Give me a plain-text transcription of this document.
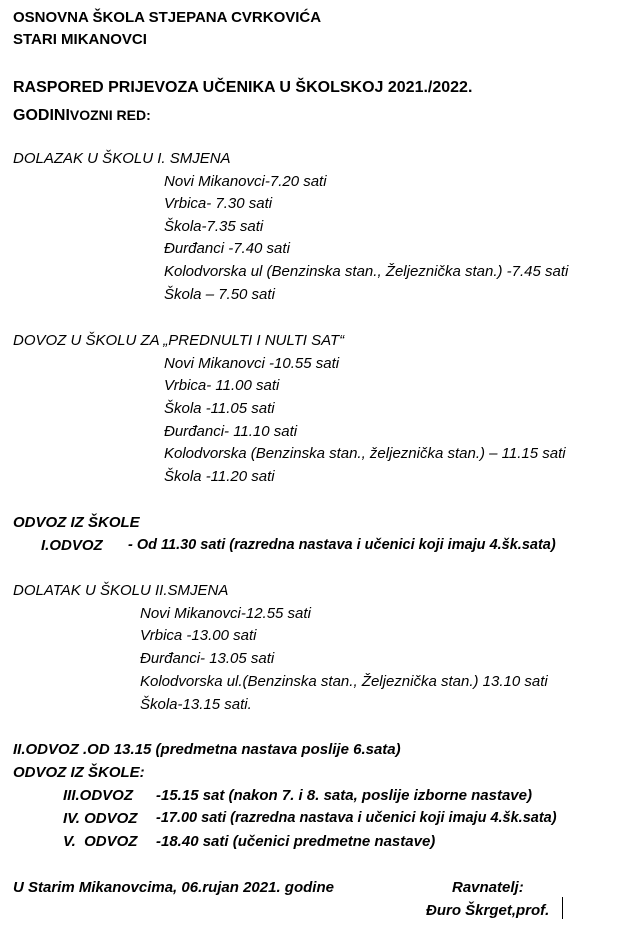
OSNOVNA ŠKOLA STJEPANA CVRKOVIĆA
STARI MIKANOVCI
RASPORED PRIJEVOZA UČENIKA U ŠKOLSKOJ 2021./2022.
GODINIVOZNI RED:
DOLAZAK U ŠKOLU I. SMJENA
Novi Mikanovci-7.20 sati
Vrbica- 7.30 sati
Škola-7.35 sati
Đurđanci -7.40 sati
Kolodvorska ul (Benzinska stan., Željeznička stan.) -7.45 sati
Škola – 7.50 sati
DOVOZ U ŠKOLU ZA „PREDNULTI I NULTI SAT“
Novi Mikanovci -10.55 sati
Vrbica- 11.00 sati
Škola -11.05 sati
Đurđanci- 11.10 sati
Kolodvorska (Benzinska stan., željeznička stan.) – 11.15 sati
Škola -11.20 sati
ODVOZ IZ ŠKOLE
I.ODVOZ - Od 11.30 sati (razredna nastava i učenici koji imaju 4.šk.sata)
DOLATAK U ŠKOLU II.SMJENA
Novi Mikanovci-12.55 sati
Vrbica -13.00 sati
Đurđanci- 13.05 sati
Kolodvorska ul.(Benzinska stan., Željeznička stan.) 13.10 sati
Škola-13.15 sati.
II.ODVOZ .OD 13.15 (predmetna nastava poslije 6.sata)
ODVOZ IZ ŠKOLE:
III.ODVOZ -15.15 sat (nakon 7. i 8. sata, poslije izborne nastave)
IV. ODVOZ -17.00 sati (razredna nastava i učenici koji imaju 4.šk.sata)
V.  ODVOZ -18.40 sati (učenici predmetne nastave)
U Starim Mikanovcima, 06.rujan 2021. godine	Ravnatelj:
Đuro Škrget,prof.
